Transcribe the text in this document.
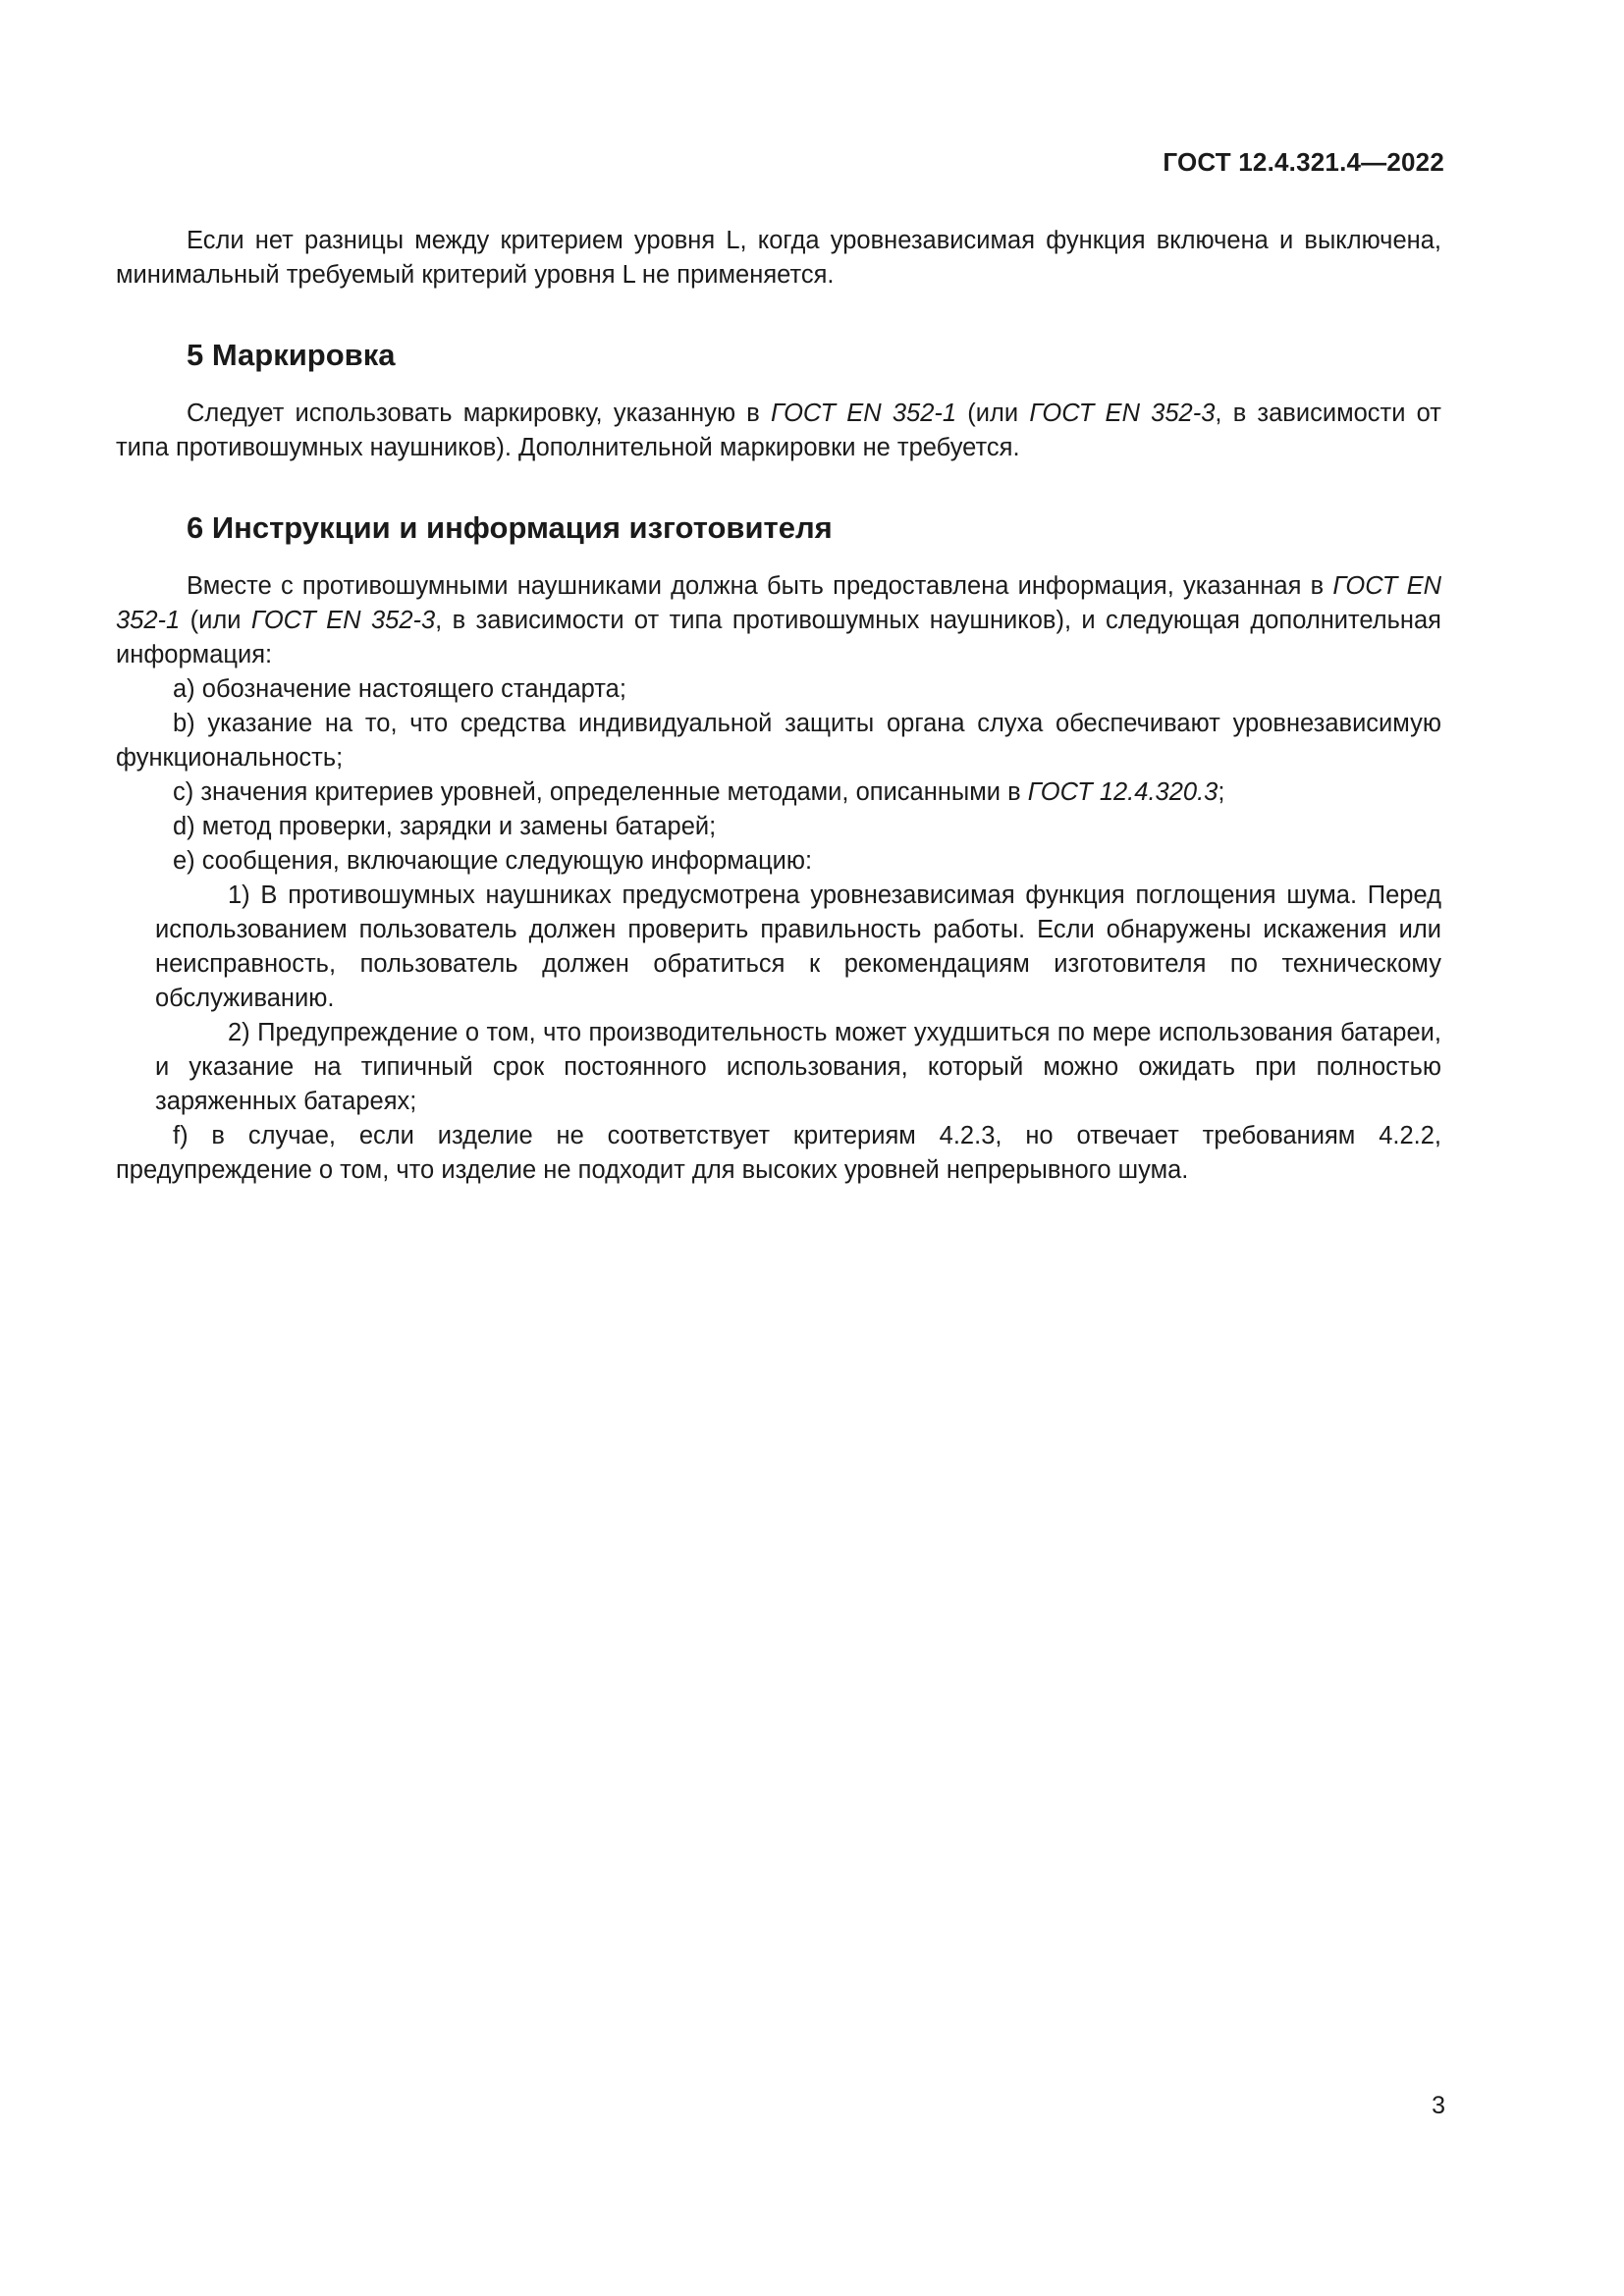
ГОСТ 12.4.321.4—2022

Если нет разницы между критерием уровня L, когда уровнезависимая функция включена и выключена, минимальный требуемый критерий уровня L не применяется.

5 Маркировка

Следует использовать маркировку, указанную в ГОСТ EN 352-1 (или ГОСТ EN 352-3, в зависимости от типа противошумных наушников). Дополнительной маркировки не требуется.

6 Инструкции и информация изготовителя

Вместе с противошумными наушниками должна быть предоставлена информация, указанная в ГОСТ EN 352-1 (или ГОСТ EN 352-3, в зависимости от типа противошумных наушников), и следующая дополнительная информация:

a) обозначение настоящего стандарта;

b) указание на то, что средства индивидуальной защиты органа слуха обеспечивают уровнезависимую функциональность;

c) значения критериев уровней, определенные методами, описанными в ГОСТ 12.4.320.3;

d) метод проверки, зарядки и замены батарей;

e) сообщения, включающие следующую информацию:

1) В противошумных наушниках предусмотрена уровнезависимая функция поглощения шума. Перед использованием пользователь должен проверить правильность работы. Если обнаружены искажения или неисправность, пользователь должен обратиться к рекомендациям изготовителя по техническому обслуживанию.

2) Предупреждение о том, что производительность может ухудшиться по мере использования батареи, и указание на типичный срок постоянного использования, который можно ожидать при полностью заряженных батареях;

f) в случае, если изделие не соответствует критериям 4.2.3, но отвечает требованиям 4.2.2, предупреждение о том, что изделие не подходит для высоких уровней непрерывного шума.

3
